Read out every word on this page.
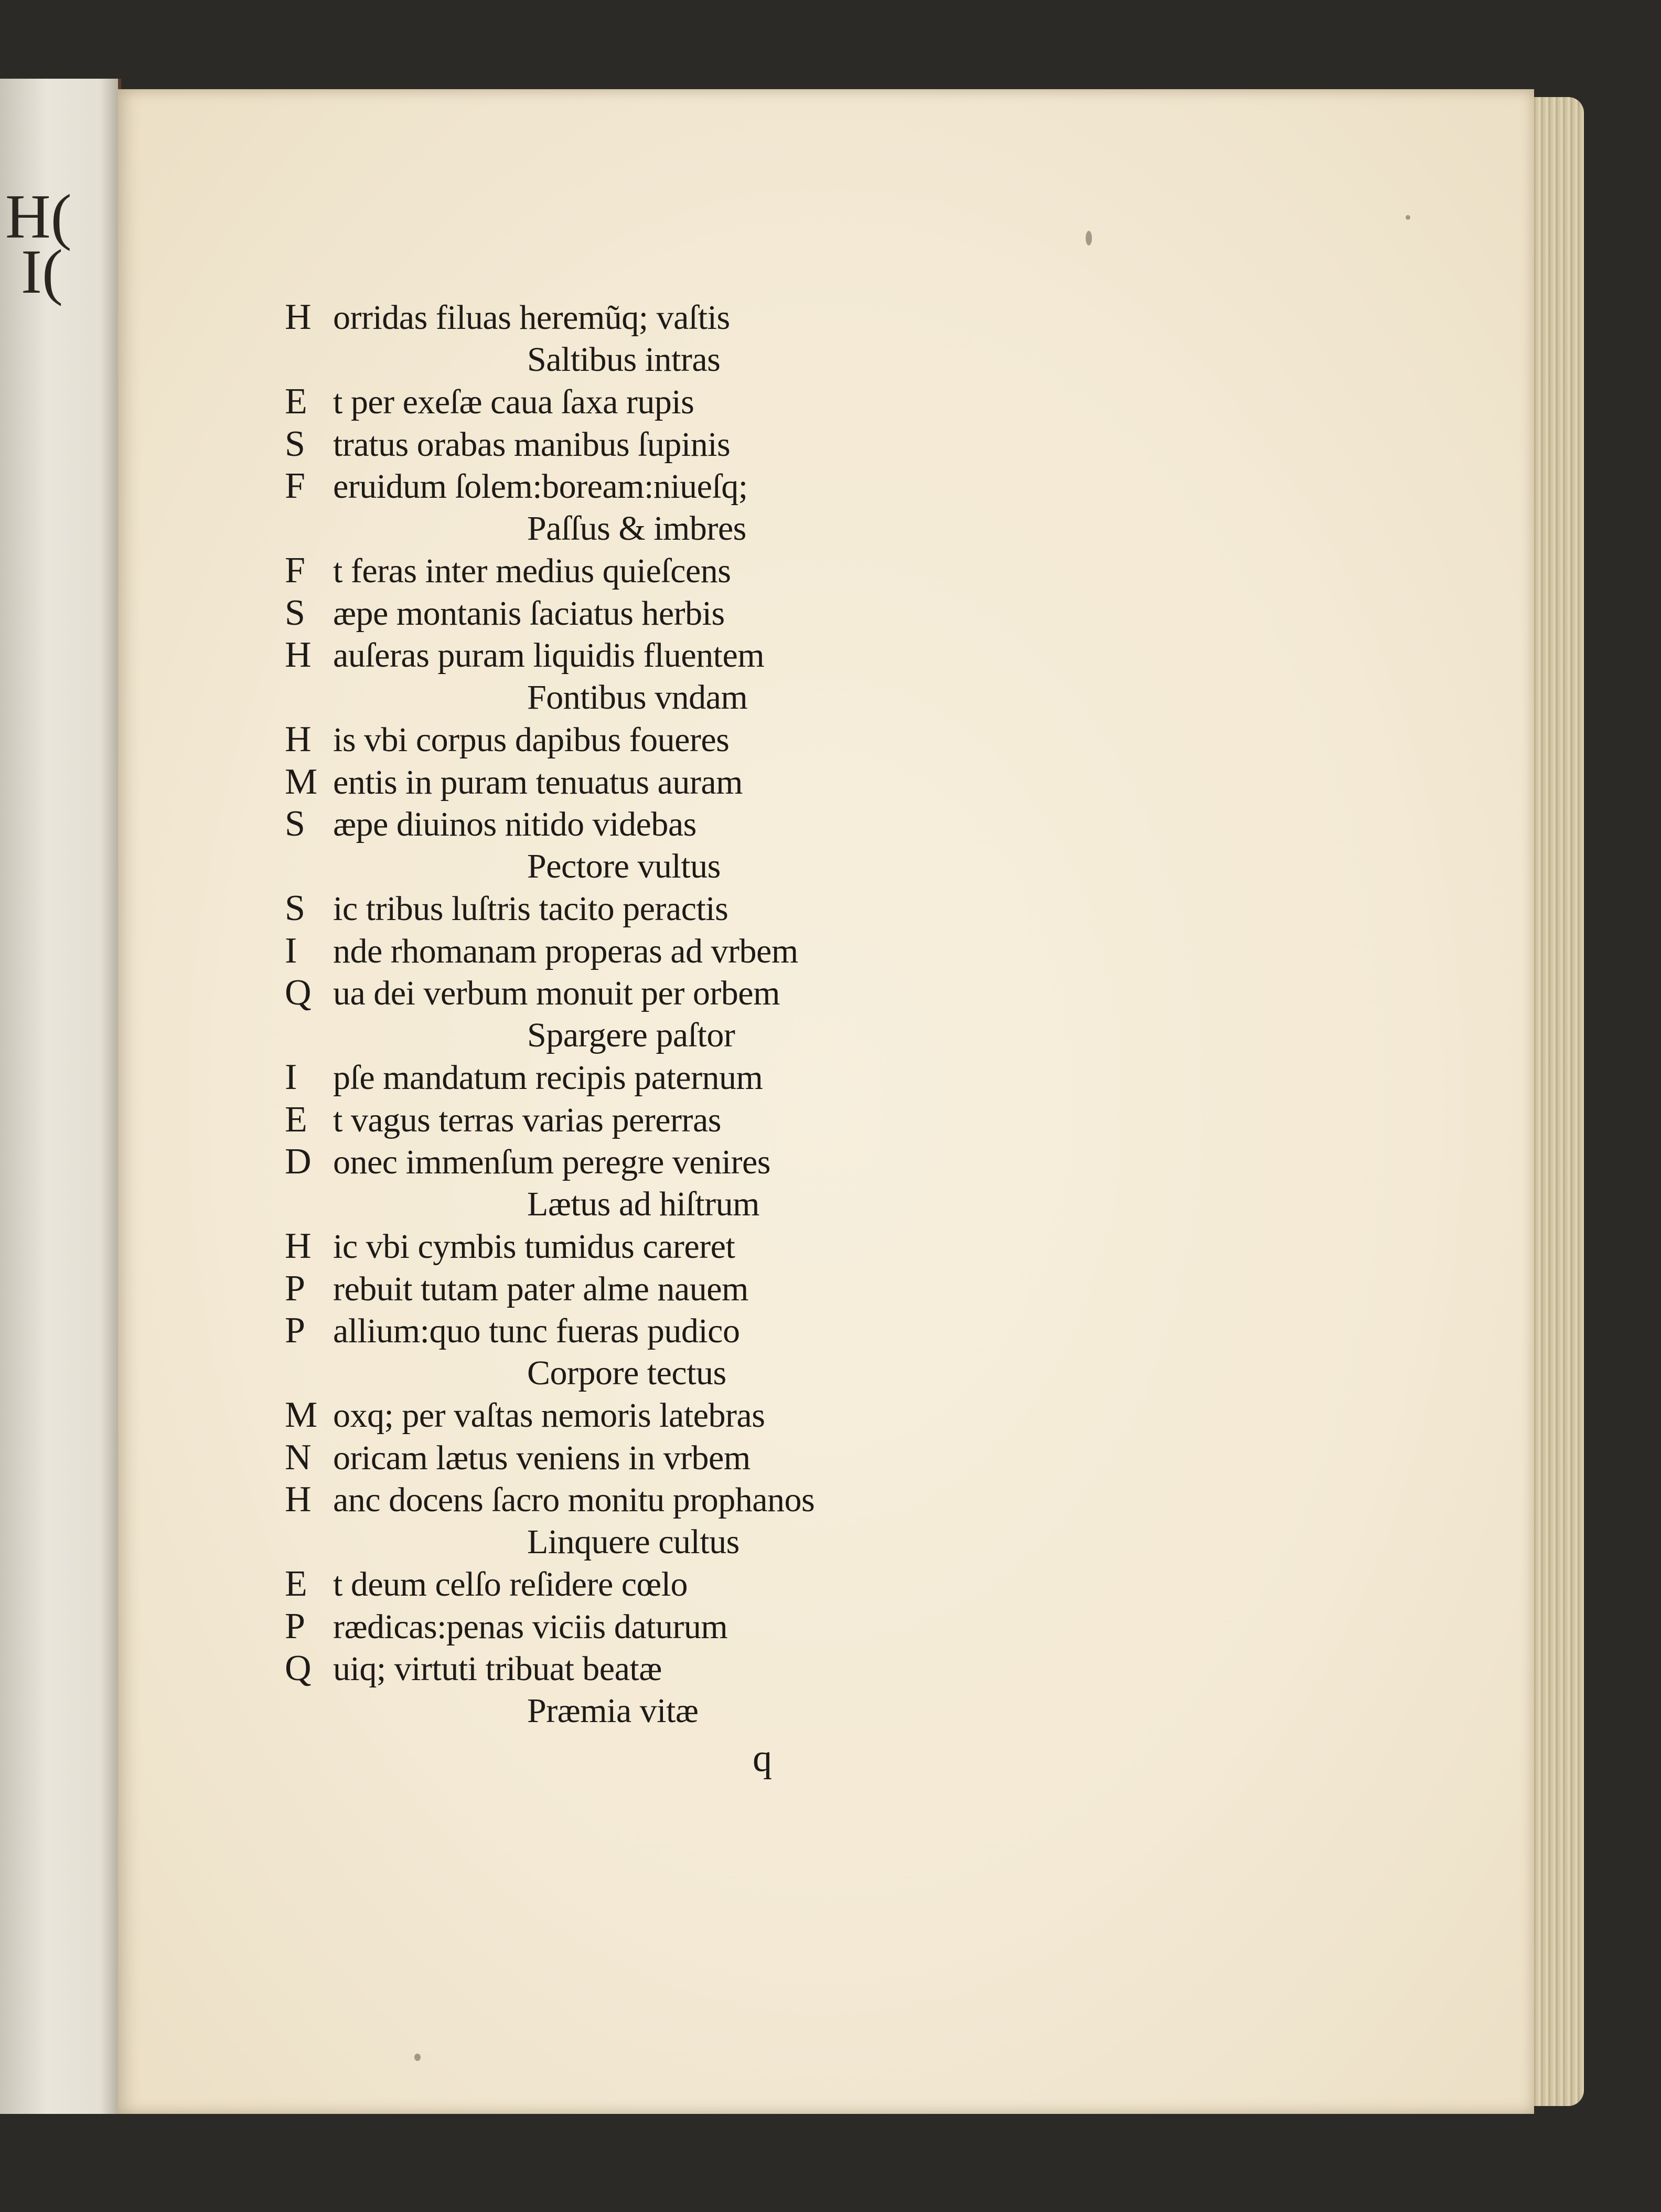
H(
I(
H orridas filuas heremũq; vaſtis
Saltibus intras
E t per exeſæ caua ſaxa rupis
S tratus orabas manibus ſupinis
F eruidum ſolem:boream:niueſq;
Paſſus & imbres
F t feras inter medius quieſcens
S æpe montanis ſaciatus herbis
H auſeras puram liquidis fluentem
Fontibus vndam
H is vbi corpus dapibus foueres
M entis in puram tenuatus auram
S æpe diuinos nitido videbas
Pectore vultus
S ic tribus luſtris tacito peractis
I nde rhomanam properas ad vrbem
Q ua dei verbum monuit per orbem
Spargere paſtor
I pſe mandatum recipis paternum
E t vagus terras varias pererras
D onec immenſum peregre venires
Lætus ad hiſtrum
H ic vbi cymbis tumidus careret
P rebuit tutam pater alme nauem
P allium:quo tunc fueras pudico
Corpore tectus
M oxq; per vaſtas nemoris latebras
N oricam lætus veniens in vrbem
H anc docens ſacro monitu prophanos
Linquere cultus
E t deum celſo reſidere cœlo
P rædicas:penas viciis daturum
Q uiq; virtuti tribuat beatæ
Præmia vitæ
q
